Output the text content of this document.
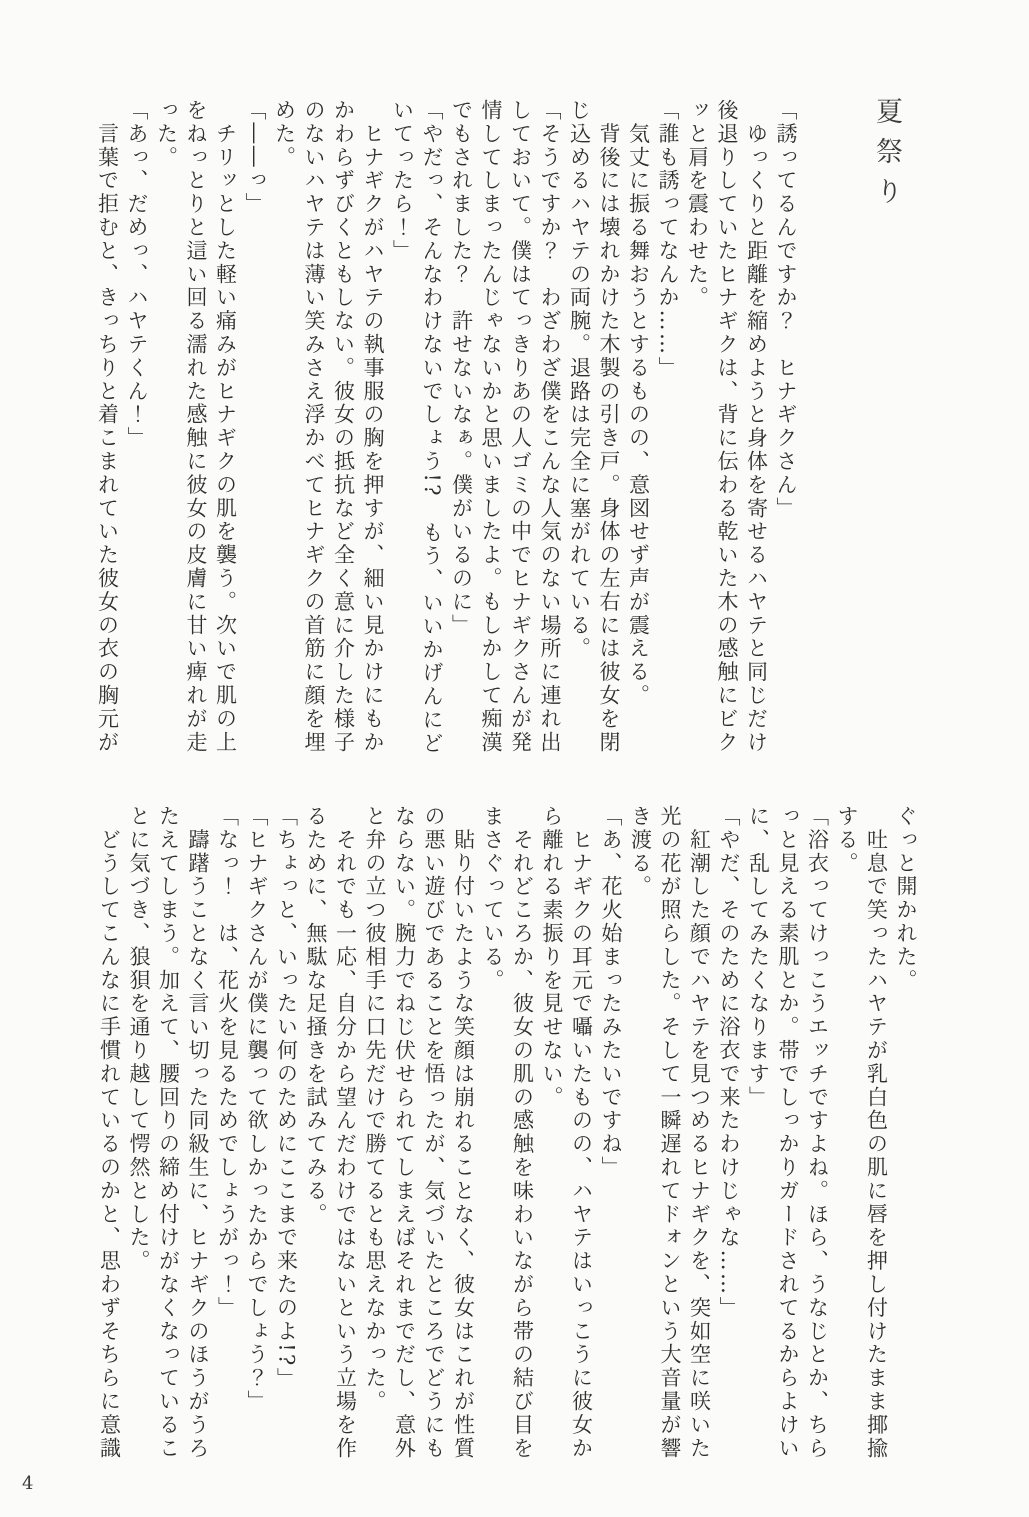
夏祭り
「誘ってるんですか？　ヒナギクさん」
　ゆっくりと距離を縮めようと身体を寄せるハヤテと同じだけ
後退りしていたヒナギクは、背に伝わる乾いた木の感触にビク
ッと肩を震わせた。
「誰も誘ってなんか……」
　気丈に振る舞おうとするものの、意図せず声が震える。
　背後には壊れかけた木製の引き戸。身体の左右には彼女を閉
じ込めるハヤテの両腕。退路は完全に塞がれている。
「そうですか？　わざわざ僕をこんな人気のない場所に連れ出
しておいて。僕はてっきりあの人ゴミの中でヒナギクさんが発
情してしまったんじゃないかと思いましたよ。もしかして痴漢
でもされました？　許せないなぁ。僕がいるのに」
「やだっ、そんなわけないでしょう!?　もう、いいかげんにど
いてったら！」
　ヒナギクがハヤテの執事服の胸を押すが、細い見かけにもか
かわらずびくともしない。彼女の抵抗など全く意に介した様子
のないハヤテは薄い笑みさえ浮かべてヒナギクの首筋に顔を埋
めた。
「――っ」
　チリッとした軽い痛みがヒナギクの肌を襲う。次いで肌の上
をねっとりと這い回る濡れた感触に彼女の皮膚に甘い痺れが走
った。
「あっ、だめっ、ハヤテくん！」
　言葉で拒むと、きっちりと着こまれていた彼女の衣の胸元が
ぐっと開かれた。
　吐息で笑ったハヤテが乳白色の肌に唇を押し付けたまま揶揄
する。
「浴衣ってけっこうエッチですよね。ほら、うなじとか、ちら
っと見える素肌とか。帯でしっかりガードされてるからよけい
に、乱してみたくなります」
「やだ、そのために浴衣で来たわけじゃな……」
　紅潮した顔でハヤテを見つめるヒナギクを、突如空に咲いた
光の花が照らした。そして一瞬遅れてドォンという大音量が響
き渡る。
「あ、花火始まったみたいですね」
　ヒナギクの耳元で囁いたものの、ハヤテはいっこうに彼女か
ら離れる素振りを見せない。
　それどころか、彼女の肌の感触を味わいながら帯の結び目を
まさぐっている。
　貼り付いたような笑顔は崩れることなく、彼女はこれが性質
の悪い遊びであることを悟ったが、気づいたところでどうにも
ならない。腕力でねじ伏せられてしまえばそれまでだし、意外
と弁の立つ彼相手に口先だけで勝てるとも思えなかった。
　それでも一応、自分から望んだわけではないという立場を作
るために、無駄な足掻きを試みてみる。
「ちょっと、いったい何のためにここまで来たのよ!?」
「ヒナギクさんが僕に襲って欲しかったからでしょう？」
「なっ！　は、花火を見るためでしょうがっ！」
　躊躇うことなく言い切った同級生に、ヒナギクのほうがうろ
たえてしまう。加えて、腰回りの締め付けがなくなっているこ
とに気づき、狼狽を通り越して愕然とした。
　どうしてこんなに手慣れているのかと、思わずそちらに意識
4
